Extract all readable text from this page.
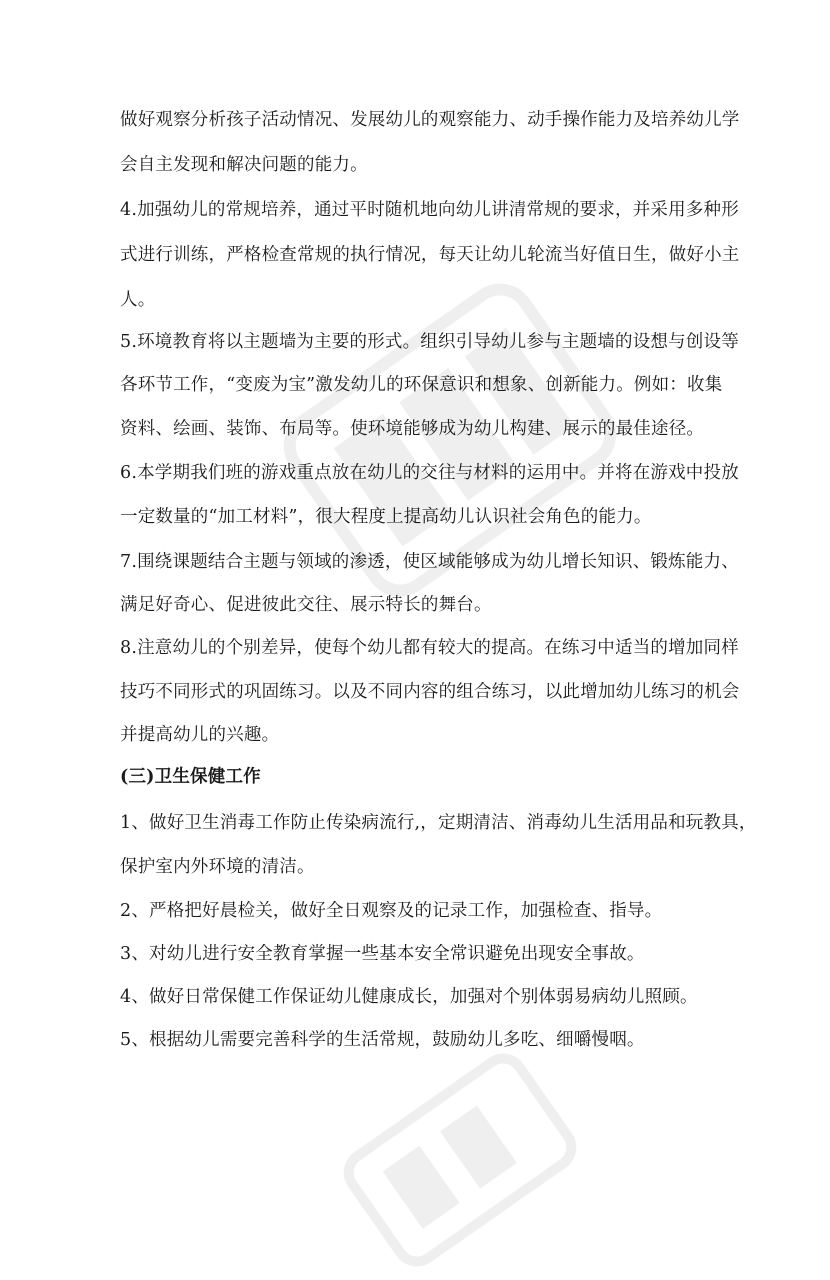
做好观察分析孩子活动情况、发展幼儿的观察能力、动手操作能力及培养幼儿学
会自主发现和解决问题的能力。
4.加强幼儿的常规培养，通过平时随机地向幼儿讲清常规的要求，并采用多种形
式进行训练，严格检查常规的执行情况，每天让幼儿轮流当好值日生，做好小主
人。
5.环境教育将以主题墙为主要的形式。组织引导幼儿参与主题墙的设想与创设等
各环节工作，“变废为宝”激发幼儿的环保意识和想象、创新能力。例如：收集
资料、绘画、装饰、布局等。使环境能够成为幼儿构建、展示的最佳途径。
6.本学期我们班的游戏重点放在幼儿的交往与材料的运用中。并将在游戏中投放
一定数量的“加工材料”，很大程度上提高幼儿认识社会角色的能力。
7.围绕课题结合主题与领域的渗透，使区域能够成为幼儿增长知识、锻炼能力、
满足好奇心、促进彼此交往、展示特长的舞台。
8.注意幼儿的个别差异，使每个幼儿都有较大的提高。在练习中适当的增加同样
技巧不同形式的巩固练习。以及不同内容的组合练习，以此增加幼儿练习的机会
并提高幼儿的兴趣。
(三)卫生保健工作
1、做好卫生消毒工作防止传染病流行,，定期清洁、消毒幼儿生活用品和玩教具，
保护室内外环境的清洁。
2、严格把好晨检关，做好全日观察及的记录工作，加强检查、指导。
3、对幼儿进行安全教育掌握一些基本安全常识避免出现安全事故。
4、做好日常保健工作保证幼儿健康成长，加强对个别体弱易病幼儿照顾。
5、根据幼儿需要完善科学的生活常规，鼓励幼儿多吃、细嚼慢咽。
